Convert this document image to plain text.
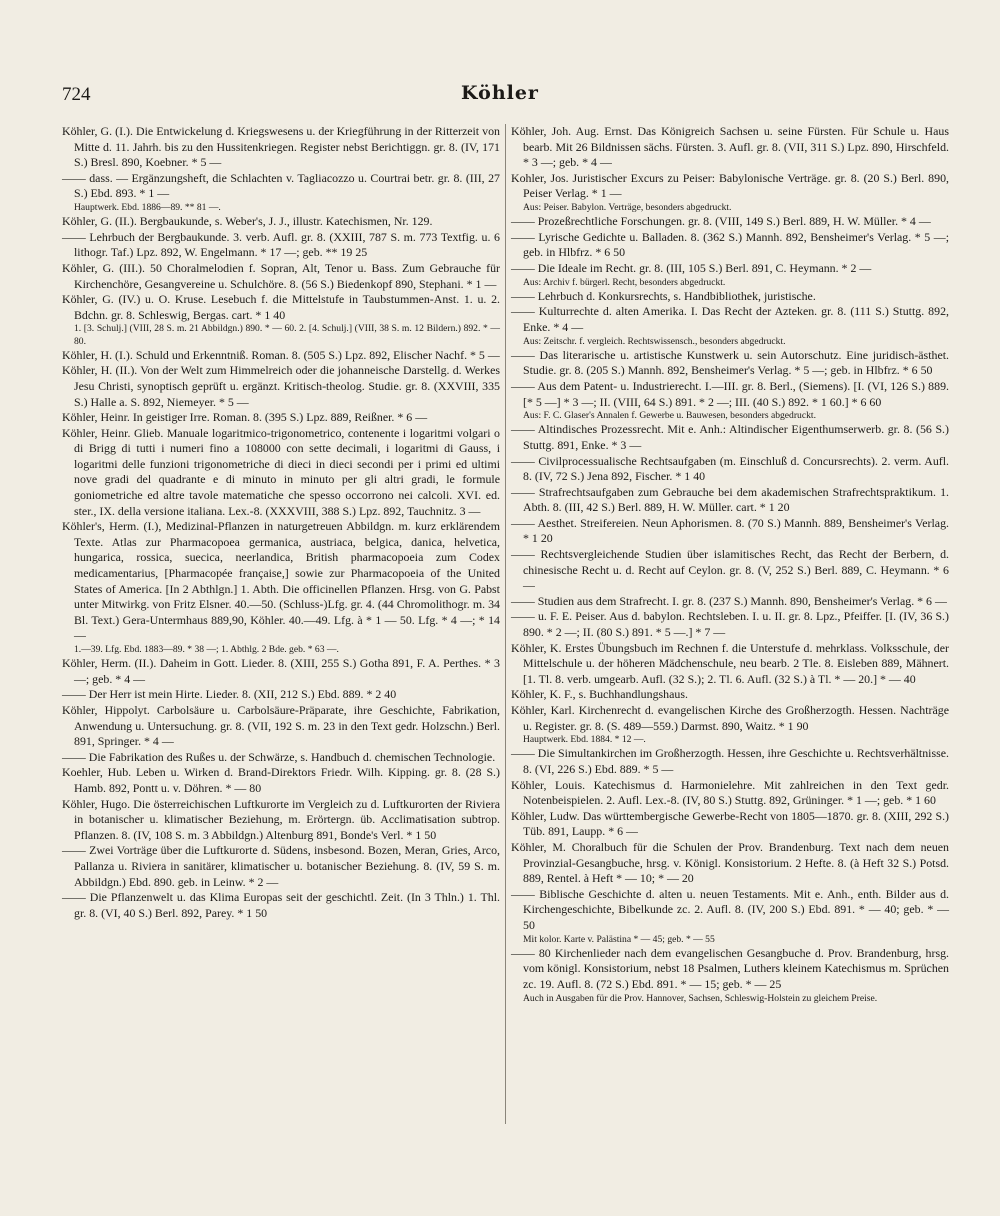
724	Köhler

Köhler, G. (I.). Die Entwickelung d. Kriegswesens u. der Kriegführung in der Ritterzeit von Mitte d. 11. Jahrh. bis zu den Hussitenkriegen. Register nebst Berichtiggn. gr. 8. (IV, 171 S.) Bresl. 890, Koebner. * 5 —

—— dass. — Ergänzungsheft, die Schlachten v. Tagliacozzo u. Courtrai betr. gr. 8. (III, 27 S.) Ebd. 893. * 1 —

Hauptwerk. Ebd. 1886—89. ** 81 —.

Köhler, G. (II.). Bergbaukunde, s. Weber's, J. J., illustr. Katechismen, Nr. 129.

—— Lehrbuch der Bergbaukunde. 3. verb. Aufl. gr. 8. (XXIII, 787 S. m. 773 Textfig. u. 6 lithogr. Taf.) Lpz. 892, W. Engelmann. * 17 —; geb. ** 19 25

Köhler, G. (III.). 50 Choralmelodien f. Sopran, Alt, Tenor u. Bass. Zum Gebrauche für Kirchenchöre, Gesangvereine u. Schulchöre. 8. (56 S.) Biedenkopf 890, Stephani. * 1 —

Köhler, G. (IV.) u. O. Kruse. Lesebuch f. die Mittelstufe in Taubstummen-Anst. 1. u. 2. Bdchn. gr. 8. Schleswig, Bergas. cart. * 1 40

1. [3. Schulj.] (VIII, 28 S. m. 21 Abbildgn.) 890. * — 60. 2. [4. Schulj.] (VIII, 38 S. m. 12 Bildern.) 892. * — 80.

Köhler, H. (I.). Schuld und Erkenntniß. Roman. 8. (505 S.) Lpz. 892, Elischer Nachf. * 5 —

Köhler, H. (II.). Von der Welt zum Himmelreich oder die johanneische Darstellg. d. Werkes Jesu Christi, synoptisch geprüft u. ergänzt. Kritisch-theolog. Studie. gr. 8. (XXVIII, 335 S.) Halle a. S. 892, Niemeyer. * 5 —

Köhler, Heinr. In geistiger Irre. Roman. 8. (395 S.) Lpz. 889, Reißner. * 6 —

Köhler, Heinr. Glieb. Manuale logaritmico-trigonometrico, contenente i logaritmi volgari o di Brigg di tutti i numeri fino a 108000 con sette decimali, i logaritmi di Gauss, i logaritmi delle funzioni trigonometriche di dieci in dieci secondi per i primi ed ultimi nove gradi del quadrante e di minuto in minuto per gli altri gradi, le formule goniometriche ed altre tavole matematiche che spesso occorrono nei calcoli. XVI. ed. ster., IX. della versione italiana. Lex.-8. (XXXVIII, 388 S.) Lpz. 892, Tauchnitz. 3 —

Köhler's, Herm. (I.), Medizinal-Pflanzen in naturgetreuen Abbildgn. m. kurz erklärendem Texte. Atlas zur Pharmacopoea germanica, austriaca, belgica, danica, helvetica, hungarica, rossica, suecica, neerlandica, British pharmacopoeia zum Codex medicamentarius, [Pharmacopée française,] sowie zur Pharmacopoeia of the United States of America. [In 2 Abthlgn.] 1. Abth. Die officinellen Pflanzen. Hrsg. von G. Pabst unter Mitwirkg. von Fritz Elsner. 40.—50. (Schluss-)Lfg. gr. 4. (44 Chromolithogr. m. 34 Bl. Text.) Gera-Untermhaus 889,90, Köhler. 40.—49. Lfg. à * 1 — 50. Lfg. * 4 —; * 14 —

1.—39. Lfg. Ebd. 1883—89. * 38 —; 1. Abthlg. 2 Bde. geb. * 63 —.

Köhler, Herm. (II.). Daheim in Gott. Lieder. 8. (XIII, 255 S.) Gotha 891, F. A. Perthes. * 3 —; geb. * 4 —

—— Der Herr ist mein Hirte. Lieder. 8. (XII, 212 S.) Ebd. 889. * 2 40

Köhler, Hippolyt. Carbolsäure u. Carbolsäure-Präparate, ihre Geschichte, Fabrikation, Anwendung u. Untersuchung. gr. 8. (VII, 192 S. m. 23 in den Text gedr. Holzschn.) Berl. 891, Springer. * 4 —

—— Die Fabrikation des Rußes u. der Schwärze, s. Handbuch d. chemischen Technologie.

Koehler, Hub. Leben u. Wirken d. Brand-Direktors Friedr. Wilh. Kipping. gr. 8. (28 S.) Hamb. 892, Pontt u. v. Döhren. * — 80

Köhler, Hugo. Die österreichischen Luftkurorte im Vergleich zu d. Luftkurorten der Riviera in botanischer u. klimatischer Beziehung, m. Erörtergn. üb. Acclimatisation subtrop. Pflanzen. 8. (IV, 108 S. m. 3 Abbildgn.) Altenburg 891, Bonde's Verl. * 1 50

—— Zwei Vorträge über die Luftkurorte d. Südens, insbesond. Bozen, Meran, Gries, Arco, Pallanza u. Riviera in sanitärer, klimatischer u. botanischer Beziehung. 8. (IV, 59 S. m. Abbildgn.) Ebd. 890. geb. in Leinw. * 2 —

—— Die Pflanzenwelt u. das Klima Europas seit der geschichtl. Zeit. (In 3 Thln.) 1. Thl. gr. 8. (VI, 40 S.) Berl. 892, Parey. * 1 50

Köhler, Joh. Aug. Ernst. Das Königreich Sachsen u. seine Fürsten. Für Schule u. Haus bearb. Mit 26 Bildnissen sächs. Fürsten. 3. Aufl. gr. 8. (VII, 311 S.) Lpz. 890, Hirschfeld. * 3 —; geb. * 4 —

Kohler, Jos. Juristischer Excurs zu Peiser: Babylonische Verträge. gr. 8. (20 S.) Berl. 890, Peiser Verlag. * 1 —

Aus: Peiser. Babylon. Verträge, besonders abgedruckt.

—— Prozeßrechtliche Forschungen. gr. 8. (VIII, 149 S.) Berl. 889, H. W. Müller. * 4 —

—— Lyrische Gedichte u. Balladen. 8. (362 S.) Mannh. 892, Bensheimer's Verlag. * 5 —; geb. in Hlbfrz. * 6 50

—— Die Ideale im Recht. gr. 8. (III, 105 S.) Berl. 891, C. Heymann. * 2 —

Aus: Archiv f. bürgerl. Recht, besonders abgedruckt.

—— Lehrbuch d. Konkursrechts, s. Handbibliothek, juristische.

—— Kulturrechte d. alten Amerika. I. Das Recht der Azteken. gr. 8. (111 S.) Stuttg. 892, Enke. * 4 —

Aus: Zeitschr. f. vergleich. Rechtswissensch., besonders abgedruckt.

—— Das literarische u. artistische Kunstwerk u. sein Autorschutz. Eine juridisch-ästhet. Studie. gr. 8. (205 S.) Mannh. 892, Bensheimer's Verlag. * 5 —; geb. in Hlbfrz. * 6 50

—— Aus dem Patent- u. Industrierecht. I.—III. gr. 8. Berl., (Siemens). [I. (VI, 126 S.) 889. [* 5 —] * 3 —; II. (VIII, 64 S.) 891. * 2 —; III. (40 S.) 892. * 1 60.] * 6 60

Aus: F. C. Glaser's Annalen f. Gewerbe u. Bauwesen, besonders abgedruckt.

—— Altindisches Prozessrecht. Mit e. Anh.: Altindischer Eigenthumserwerb. gr. 8. (56 S.) Stuttg. 891, Enke. * 3 —

—— Civilprocessualische Rechtsaufgaben (m. Einschluß d. Concursrechts). 2. verm. Aufl. 8. (IV, 72 S.) Jena 892, Fischer. * 1 40

—— Strafrechtsaufgaben zum Gebrauche bei dem akademischen Strafrechtspraktikum. 1. Abth. 8. (III, 42 S.) Berl. 889, H. W. Müller. cart. * 1 20

—— Aesthet. Streifereien. Neun Aphorismen. 8. (70 S.) Mannh. 889, Bensheimer's Verlag. * 1 20

—— Rechtsvergleichende Studien über islamitisches Recht, das Recht der Berbern, d. chinesische Recht u. d. Recht auf Ceylon. gr. 8. (V, 252 S.) Berl. 889, C. Heymann. * 6 —

—— Studien aus dem Strafrecht. I. gr. 8. (237 S.) Mannh. 890, Bensheimer's Verlag. * 6 —

—— u. F. E. Peiser. Aus d. babylon. Rechtsleben. I. u. II. gr. 8. Lpz., Pfeiffer. [I. (IV, 36 S.) 890. * 2 —; II. (80 S.) 891. * 5 —.] * 7 —

Köhler, K. Erstes Übungsbuch im Rechnen f. die Unterstufe d. mehrklass. Volksschule, der Mittelschule u. der höheren Mädchenschule, neu bearb. 2 Tle. 8. Eisleben 889, Mähnert. [1. Tl. 8. verb. umgearb. Aufl. (32 S.); 2. Tl. 6. Aufl. (32 S.) à Tl. * — 20.] * — 40

Köhler, K. F., s. Buchhandlungshaus.

Köhler, Karl. Kirchenrecht d. evangelischen Kirche des Großherzogth. Hessen. Nachträge u. Register. gr. 8. (S. 489—559.) Darmst. 890, Waitz. * 1 90

Hauptwerk. Ebd. 1884. * 12 —.

—— Die Simultankirchen im Großherzogth. Hessen, ihre Geschichte u. Rechtsverhältnisse. 8. (VI, 226 S.) Ebd. 889. * 5 —

Köhler, Louis. Katechismus d. Harmonielehre. Mit zahlreichen in den Text gedr. Notenbeispielen. 2. Aufl. Lex.-8. (IV, 80 S.) Stuttg. 892, Grüninger. * 1 —; geb. * 1 60

Köhler, Ludw. Das württembergische Gewerbe-Recht von 1805—1870. gr. 8. (XIII, 292 S.) Tüb. 891, Laupp. * 6 —

Köhler, M. Choralbuch für die Schulen der Prov. Brandenburg. Text nach dem neuen Provinzial-Gesangbuche, hrsg. v. Königl. Konsistorium. 2 Hefte. 8. (à Heft 32 S.) Potsd. 889, Rentel. à Heft * — 10; * — 20

—— Biblische Geschichte d. alten u. neuen Testaments. Mit e. Anh., enth. Bilder aus d. Kirchengeschichte, Bibelkunde zc. 2. Aufl. 8. (IV, 200 S.) Ebd. 891. * — 40; geb. * — 50

Mit kolor. Karte v. Palästina * — 45; geb. * — 55

—— 80 Kirchenlieder nach dem evangelischen Gesangbuche d. Prov. Brandenburg, hrsg. vom königl. Konsistorium, nebst 18 Psalmen, Luthers kleinem Katechismus m. Sprüchen zc. 19. Aufl. 8. (72 S.) Ebd. 891. * — 15; geb. * — 25

Auch in Ausgaben für die Prov. Hannover, Sachsen, Schleswig-Holstein zu gleichem Preise.
